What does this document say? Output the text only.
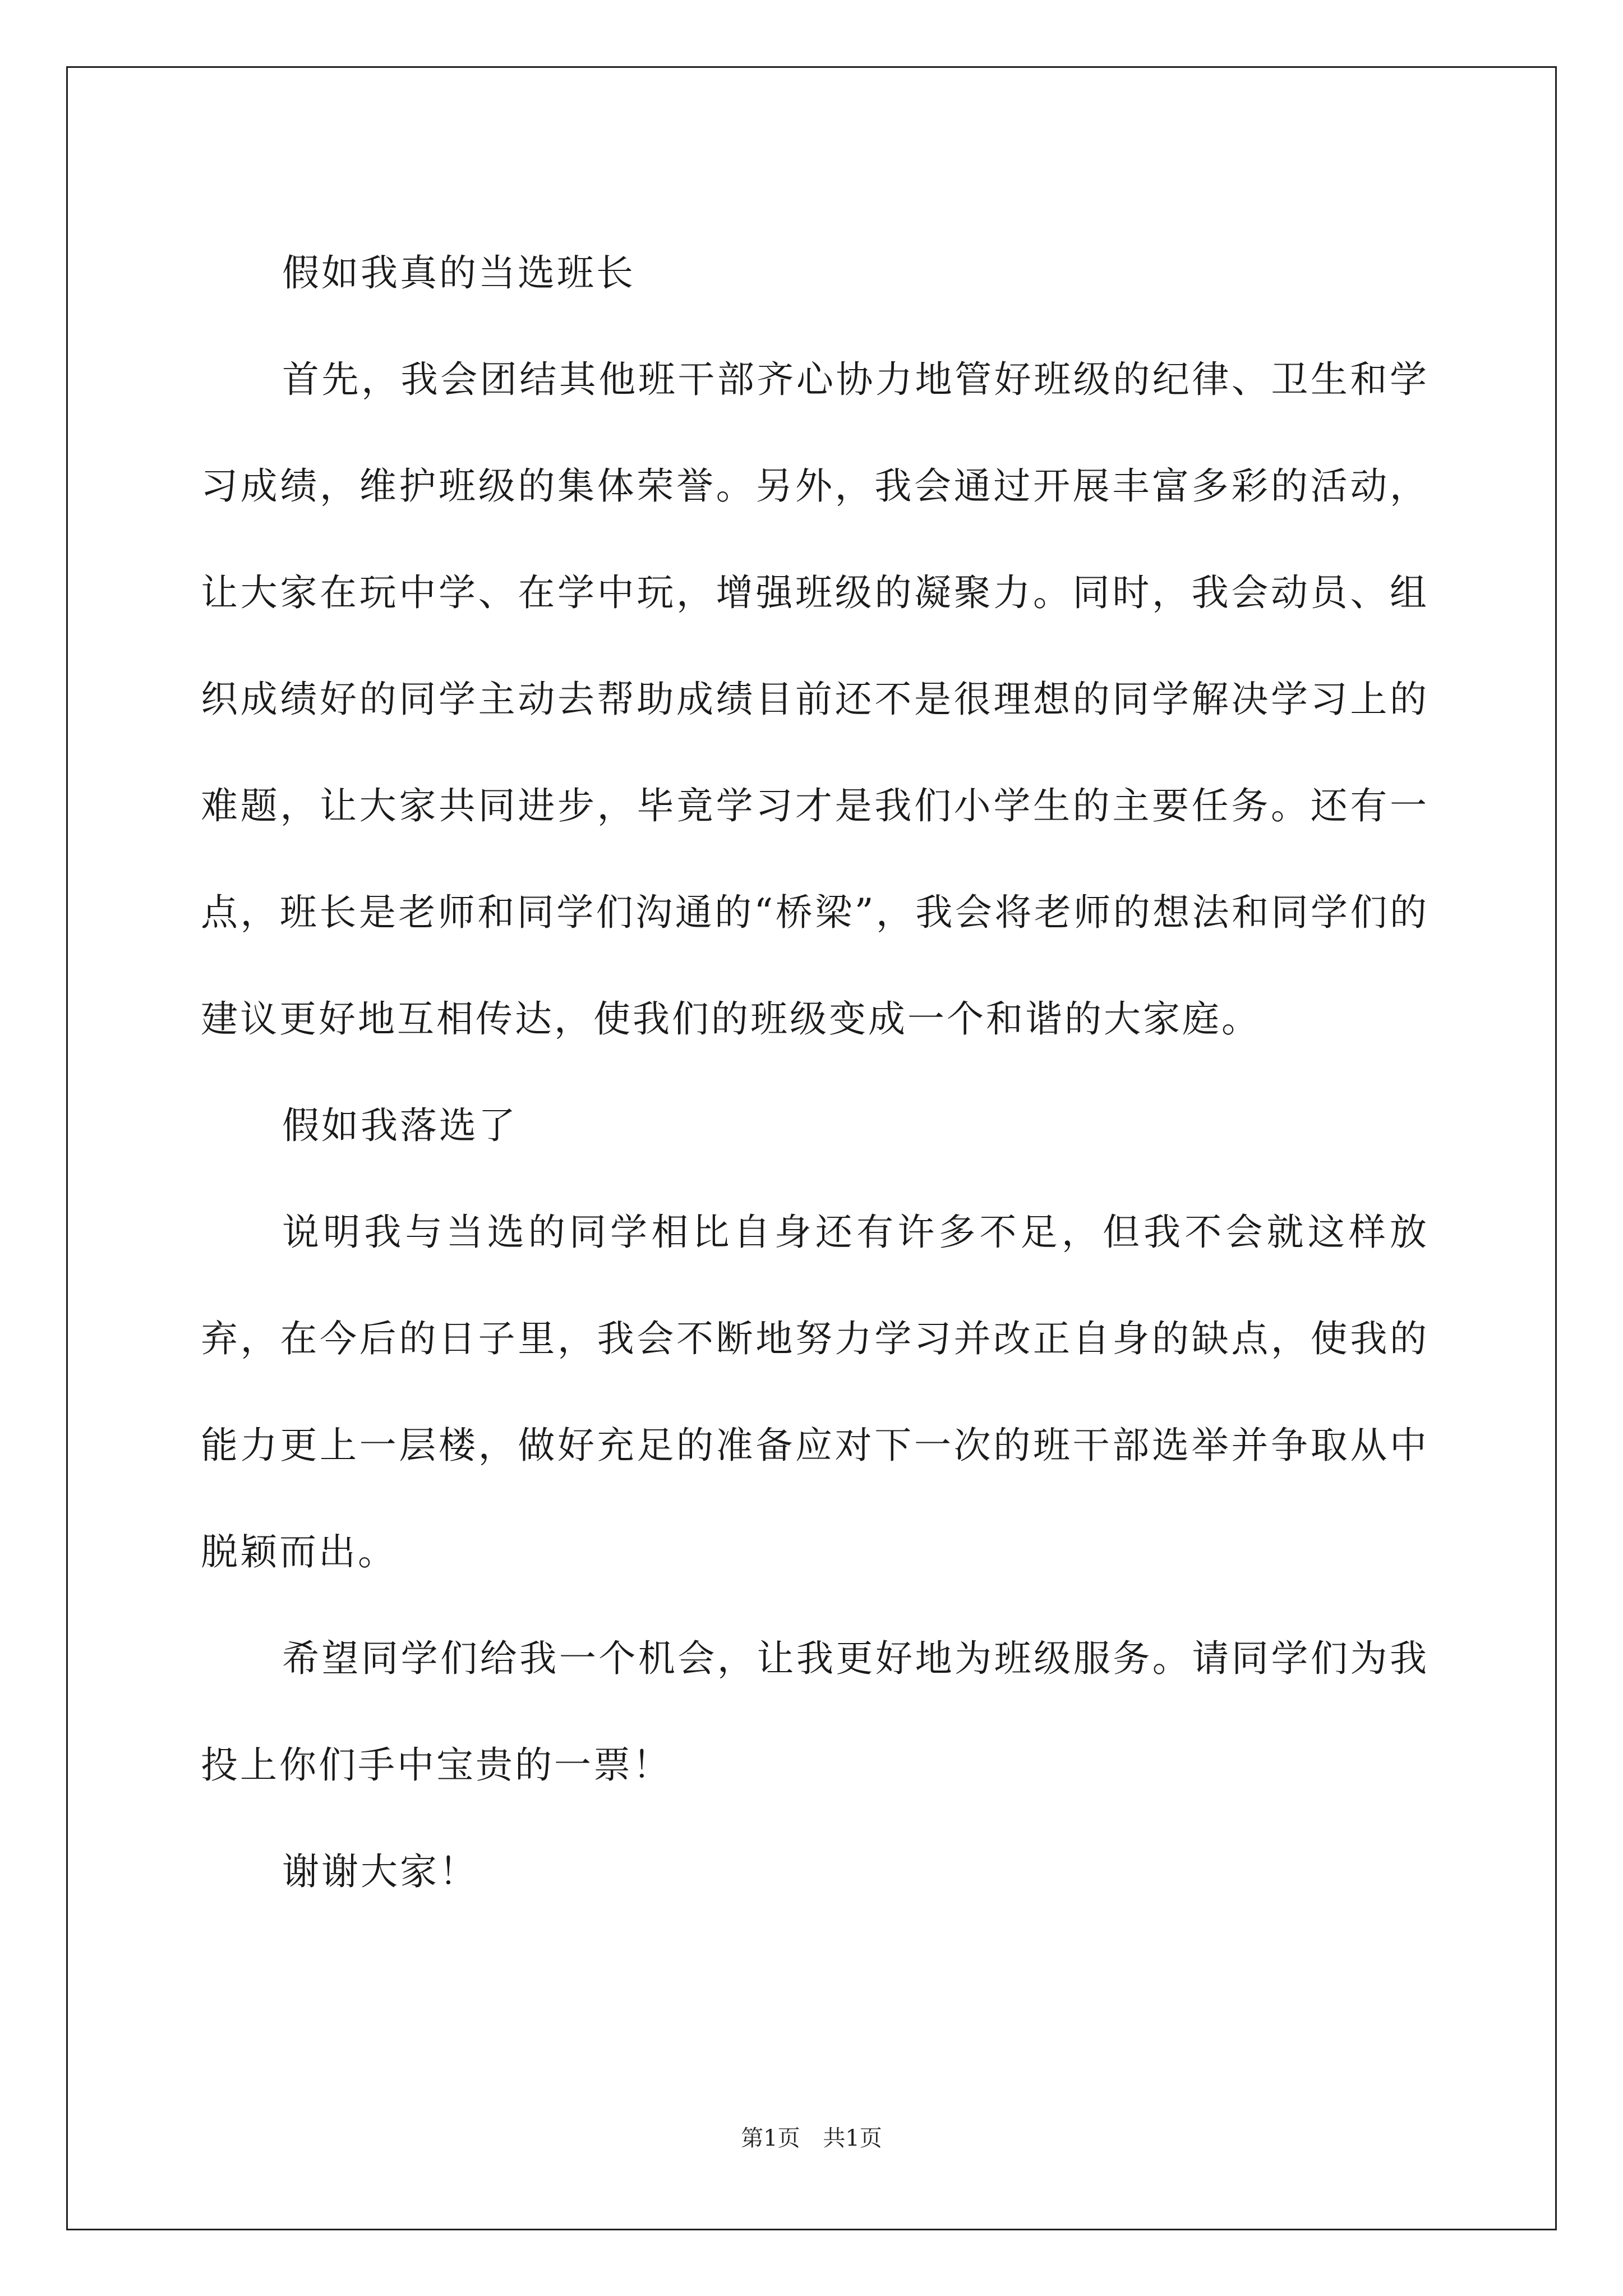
假如我真的当选班长

首先，我会团结其他班干部齐心协力地管好班级的纪律、卫生和学习成绩，维护班级的集体荣誉。另外，我会通过开展丰富多彩的活动，让大家在玩中学、在学中玩，增强班级的凝聚力。同时，我会动员、组织成绩好的同学主动去帮助成绩目前还不是很理想的同学解决学习上的难题，让大家共同进步，毕竟学习才是我们小学生的主要任务。还有一点，班长是老师和同学们沟通的“桥梁”，我会将老师的想法和同学们的建议更好地互相传达，使我们的班级变成一个和谐的大家庭。

假如我落选了

说明我与当选的同学相比自身还有许多不足，但我不会就这样放弃，在今后的日子里，我会不断地努力学习并改正自身的缺点，使我的能力更上一层楼，做好充足的准备应对下一次的班干部选举并争取从中脱颖而出。

希望同学们给我一个机会，让我更好地为班级服务。请同学们为我投上你们手中宝贵的一票！

谢谢大家！

第1页 共1页
